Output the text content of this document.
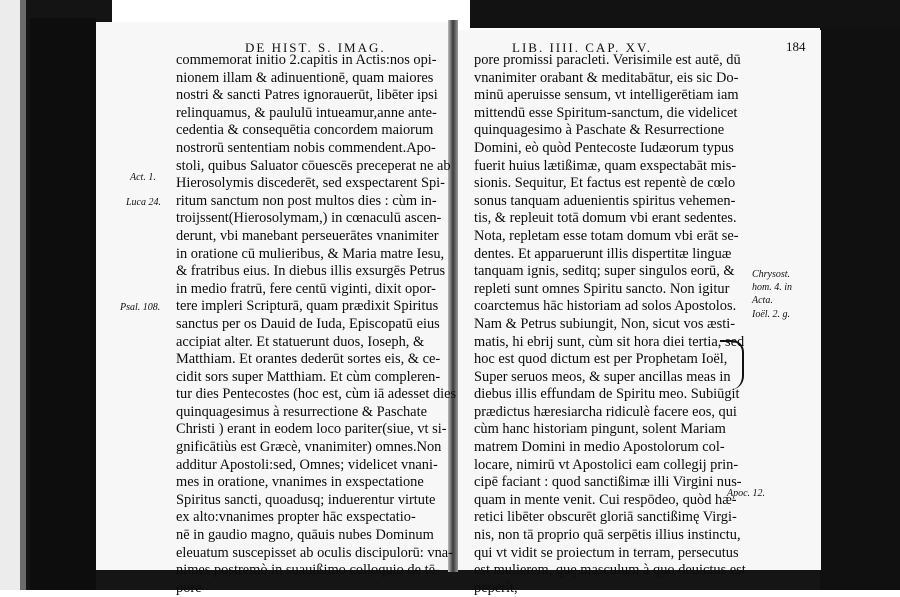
DE HIST. S. IMAG.	LIB. IIII. CAP. XV.	184
commemorat initio 2.capitis in Actis:nos opi-
nionem illam & adinuentionē, quam maiores
nostri & sancti Patres ignorauerūt, libēter ipsi
relinquamus, & paululū intueamur,anne ante-
cedentia & consequētia concordem maiorum
nostrorū sententiam nobis commendent.Apo-
stoli, quibus Saluator cōuescēs preceperat ne ab
Hierosolymis discederēt, sed exspectarent Spi-
ritum sanctum non post multos dies : cùm in-
troijssent(Hierosolymam,) in cœnaculū ascen-
derunt, vbi manebant perseuerātes vnanimiter
in oratione cū mulieribus, & Maria matre Iesu,
& fratribus eius. In diebus illis exsurgēs Petrus
in medio fratrū, fere centū viginti, dixit opor-
tere impleri Scripturā, quam prædixit Spiritus
sanctus per os Dauid de Iuda, Episcopatū eius
accipiat alter. Et statuerunt duos, Ioseph, &
Matthiam. Et orantes dederūt sortes eis, & ce-
cidit sors super Matthiam. Et cùm compleren-
tur dies Pentecostes (hoc est, cùm iā adesset dies
quinquagesimus à resurrectione & Paschate
Christi ) erant in eodem loco pariter(siue, vt si-
gnificātiùs est Græcè, vnanimiter) omnes.Non
additur Apostoli:sed, Omnes; videlicet vnani-
mes in oratione, vnanimes in exspectatione
Spiritus sancti, quoadusq; induerentur virtute
ex alto:vnanimes propter hāc exspectatio-
nē in gaudio magno, quāuis nubes Dominum
eleuatum suscepisset ab oculis discipulorū: vna-
nimes postremò in suauißimo colloquio de tē-
pore
pore promissi paracleti. Verisimile est autē, dū
vnanimiter orabant & meditabātur, eis sic Do-
minū aperuisse sensum, vt intelligerētiam iam
mittendū esse Spiritum-sanctum, die videlicet
quinquagesimo à Paschate & Resurrectione
Domini, eò quòd Pentecoste Iudæorum typus
fuerit huius lætißimæ, quam exspectabāt mis-
sionis. Sequitur, Et factus est repentè de cœlo
sonus tanquam aduenientis spiritus vehemen-
tis, & repleuit totā domum vbi erant sedentes.
Nota, repletam esse totam domum vbi erāt se-
dentes. Et apparuerunt illis dispertitæ linguæ
tanquam ignis, seditq; super singulos eorū, &
repleti sunt omnes Spiritu sancto. Non igitur
coarctemus hāc historiam ad solos Apostolos.
Nam & Petrus subiungit, Non, sicut vos æsti-
matis, hi ebrij sunt, cùm sit hora diei tertia, sed
hoc est quod dictum est per Prophetam Ioël,
Super seruos meos, & super ancillas meas in
diebus illis effundam de Spiritu meo. Subiūgit
prædictus hæresiarcha ridiculè facere eos, qui
cùm hanc historiam pingunt, solent Mariam
matrem Domini in medio Apostolorum col-
locare, nimirū vt Apostolici eam collegij prin-
cipē faciant : quod sanctißimæ illi Virgini nus-
quam in mente venit. Cui respōdeo, quòd hæ-
retici libēter obscurēt gloriā sanctißimę Virgi-
nis, non tā proprio quā serpētis illius instinctu,
qui vt vidit se proiectum in terram, persecutus
est mulierem, quę masculum à quo deuictus est
peperit,
Act. 1.
Luca 24.
Psal. 108.
Chrysost.
hom. 4. in
Acta.
Ioël. 2. g.
Apoc. 12.
